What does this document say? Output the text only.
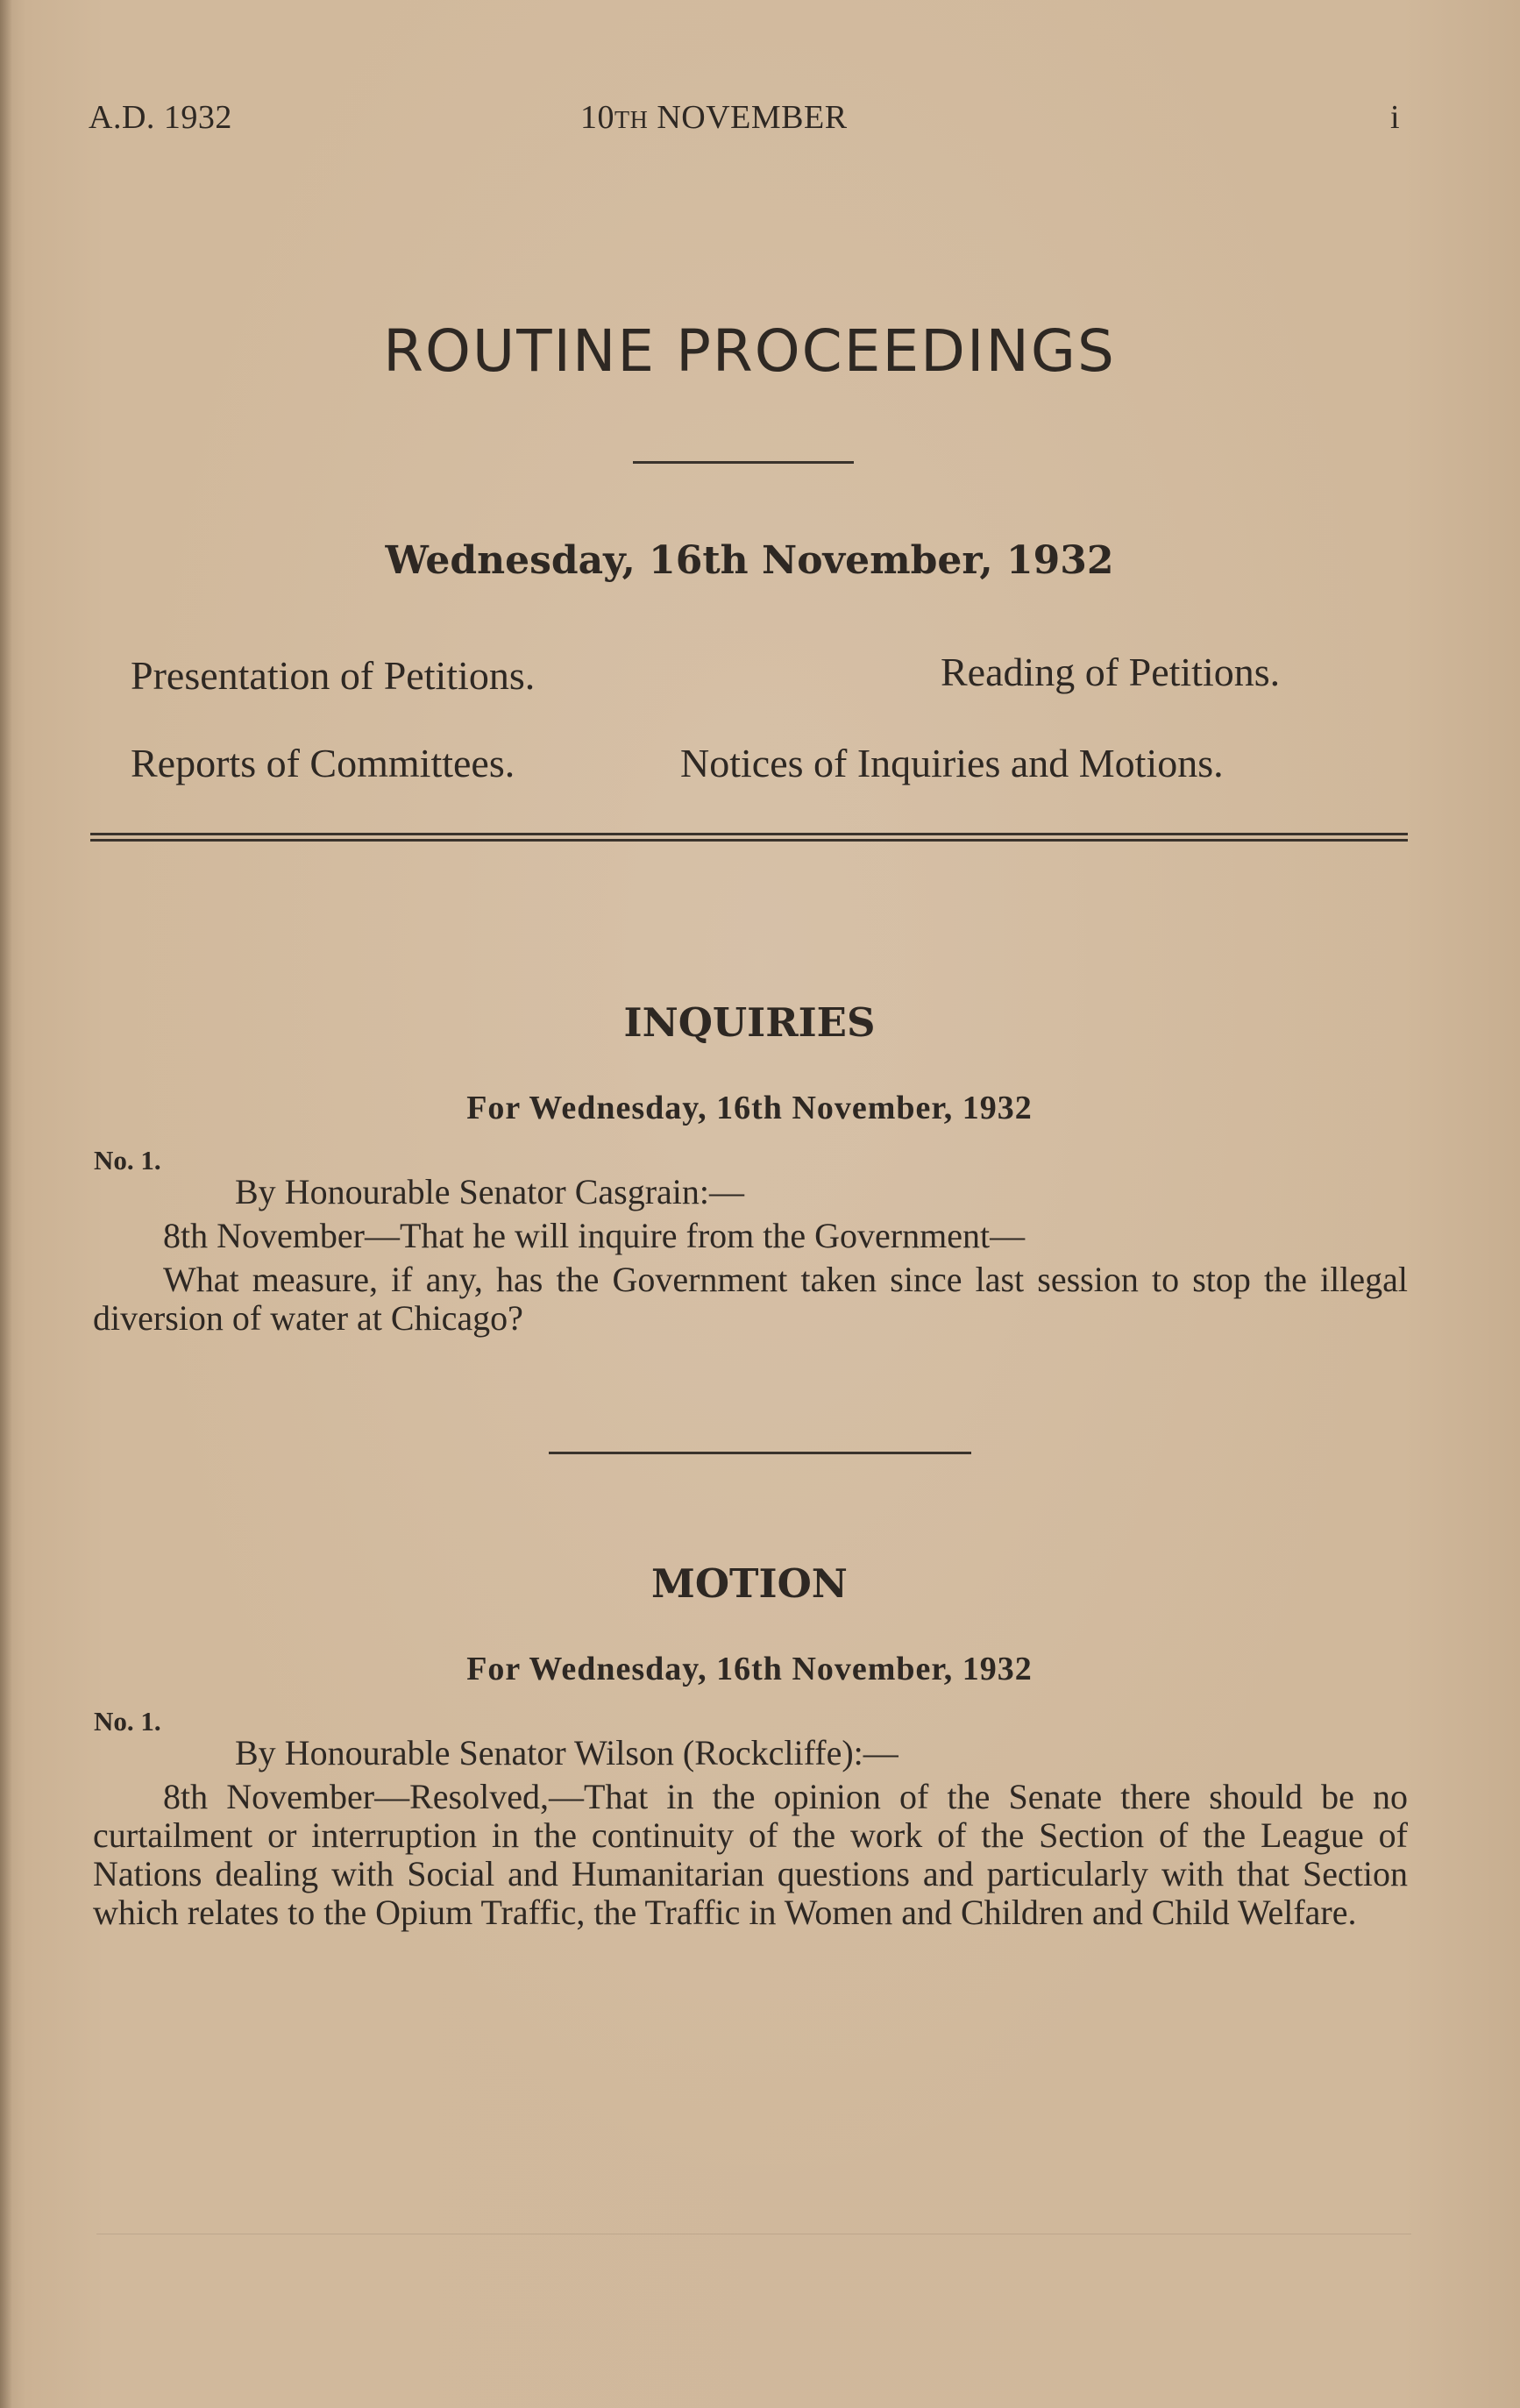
A.D. 1932	10TH NOVEMBER	i
ROUTINE PROCEEDINGS
Wednesday, 16th November, 1932
Presentation of Petitions.	Reading of Petitions.
Reports of Committees.	Notices of Inquiries and Motions.
INQUIRIES
For Wednesday, 16th November, 1932
No. 1.
By Honourable Senator Casgrain:—
8th November—That he will inquire from the Government—
What measure, if any, has the Government taken since last session to stop the illegal diversion of water at Chicago?
MOTION
For Wednesday, 16th November, 1932
No. 1.
By Honourable Senator Wilson (Rockcliffe):—
8th November—Resolved,—That in the opinion of the Senate there should be no curtailment or interruption in the continuity of the work of the Section of the League of Nations dealing with Social and Humanitarian questions and particularly with that Section which relates to the Opium Traffic, the Traffic in Women and Children and Child Welfare.
